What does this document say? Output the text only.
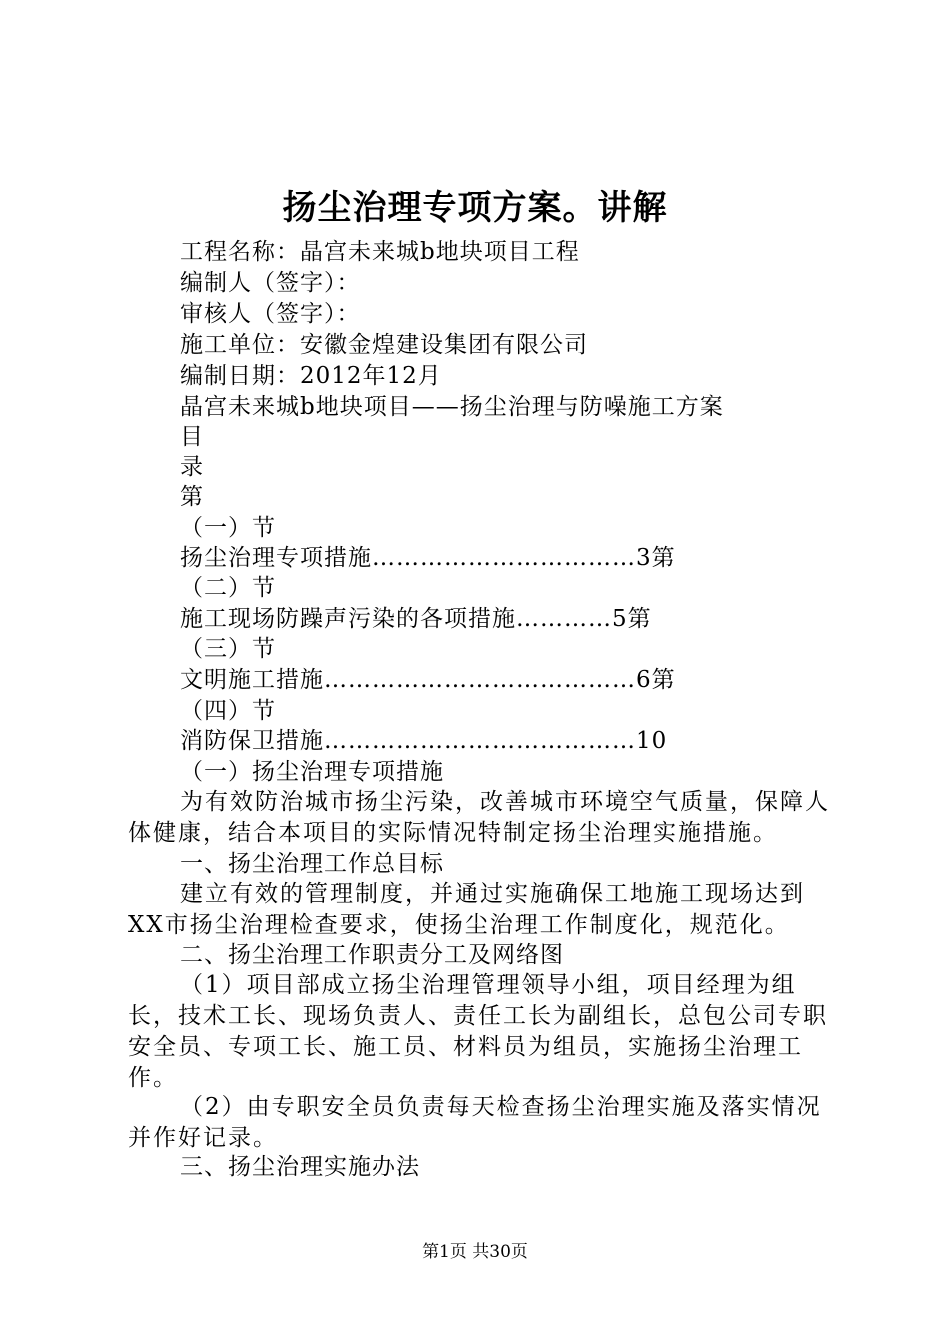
扬尘治理专项方案。讲解
工程名称：晶宫未来城b地块项目工程
编制人（签字）：
审核人（签字）：
施工单位：安徽金煌建设集团有限公司
编制日期：2012年12月
晶宫未来城b地块项目——扬尘治理与防噪施工方案
目
录
第
（一）节
扬尘治理专项措施……………………………3第
（二）节
施工现场防躁声污染的各项措施…………5第
（三）节
文明施工措施…………………………………6第
（四）节
消防保卫措施…………………………………10
（一）扬尘治理专项措施
为有效防治城市扬尘污染，改善城市环境空气质量，保障人体健康，结合本项目的实际情况特制定扬尘治理实施措施。
一、扬尘治理工作总目标
建立有效的管理制度，并通过实施确保工地施工现场达到XX市扬尘治理检查要求，使扬尘治理工作制度化，规范化。
二、扬尘治理工作职责分工及网络图
（1）项目部成立扬尘治理管理领导小组，项目经理为组长，技术工长、现场负责人、责任工长为副组长，总包公司专职安全员、专项工长、施工员、材料员为组员，实施扬尘治理工作。
（2）由专职安全员负责每天检查扬尘治理实施及落实情况并作好记录。
三、扬尘治理实施办法
第1页 共30页
